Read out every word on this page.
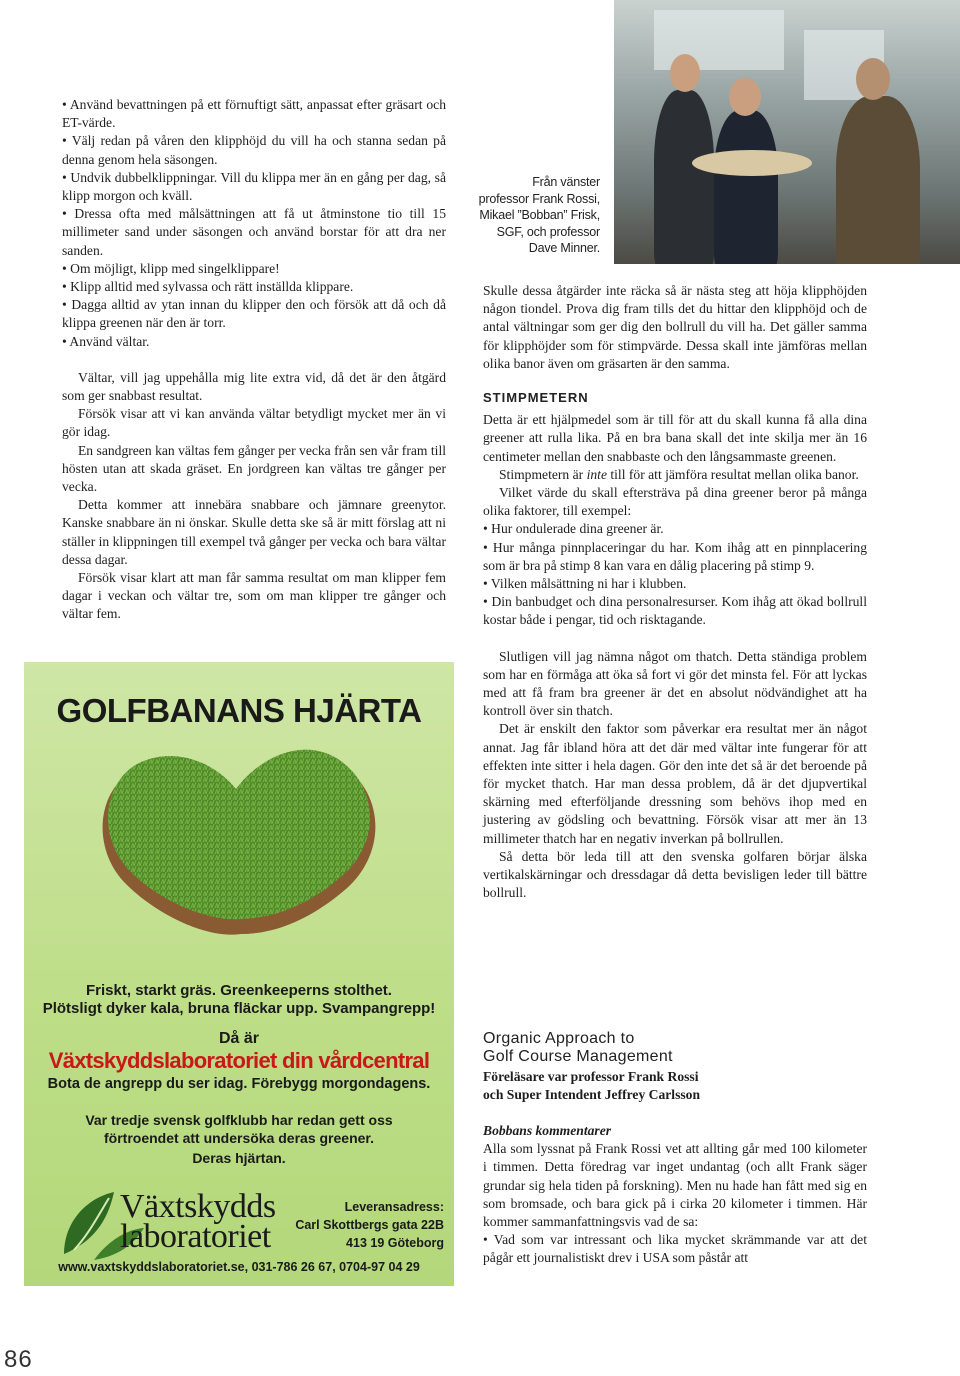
• Använd bevattningen på ett förnuftigt sätt, anpassat efter gräsart och ET-värde.

• Välj redan på våren den klipphöjd du vill ha och stanna sedan på denna genom hela säsongen.

• Undvik dubbelklippningar. Vill du klippa mer än en gång per dag, så klipp morgon och kväll.

• Dressa ofta med målsättningen att få ut åtminstone tio till 15 millimeter sand under säsongen och använd borstar för att dra ner sanden.

• Om möjligt, klipp med singelklippare!

• Klipp alltid med sylvassa och rätt inställda klippare.

• Dagga alltid av ytan innan du klipper den och försök att då och då klippa greenen när den är torr.

• Använd vältar.

Vältar, vill jag uppehålla mig lite extra vid, då det är den åtgärd som ger snabbast resultat.

Försök visar att vi kan använda vältar betydligt mycket mer än vi gör idag.

En sandgreen kan vältas fem gånger per vecka från sen vår fram till hösten utan att skada gräset. En jordgreen kan vältas tre gånger per vecka.

Detta kommer att innebära snabbare och jämnare greenytor. Kanske snabbare än ni önskar. Skulle detta ske så är mitt förslag att ni ställer in klippningen till exempel två gånger per vecka och bara vältar dessa dagar.

Försök visar klart att man får samma resultat om man klipper fem dagar i veckan och vältar tre, som om man klipper tre gånger och vältar fem.

Från vänster

professor Frank Rossi,

Mikael ”Bobban” Frisk,

SGF, och professor

Dave Minner.

Skulle dessa åtgärder inte räcka så är nästa steg att höja klipphöjden någon tiondel. Prova dig fram tills det du hittar den klipphöjd och de antal vältningar som ger dig den bollrull du vill ha. Det gäller samma för klipphöjder som för stimpvärde. Dessa skall inte jämföras mellan olika banor även om gräsarten är den samma.

STIMPMETERN

Detta är ett hjälpmedel som är till för att du skall kunna få alla dina greener att rulla lika. På en bra bana skall det inte skilja mer än 16 centimeter mellan den snabbaste och den långsammaste greenen.

Stimpmetern är inte till för att jämföra resultat mellan olika banor.

Vilket värde du skall eftersträva på dina greener beror på många olika faktorer, till exempel:

• Hur ondulerade dina greener är.

• Hur många pinnplaceringar du har. Kom ihåg att en pinnplacering som är bra på stimp 8 kan vara en dålig placering på stimp 9.

• Vilken målsättning ni har i klubben.

• Din banbudget och dina personalresurser. Kom ihåg att ökad bollrull kostar både i pengar, tid och risktagande.

Slutligen vill jag nämna något om thatch. Detta ständiga problem som har en förmåga att öka så fort vi gör det minsta fel. För att lyckas med att få fram bra greener är det en absolut nödvändighet att ha kontroll över sin thatch.

Det är enskilt den faktor som påverkar era resultat mer än något annat. Jag får ibland höra att det där med vältar inte fungerar för att effekten inte sitter i hela dagen. Gör den inte det så är det beroende på för mycket thatch. Har man dessa problem, då är det djupvertikal skärning med efterföljande dressning som behövs ihop med en justering av gödsling och bevattning. Försök visar att mer än 13 millimeter thatch har en negativ inverkan på bollrullen.

Så detta bör leda till att den svenska golfaren börjar älska vertikalskärningar och dressdagar då detta bevisligen leder till bättre bollrull.

Organic Approach to
Golf Course Management
Föreläsare var professor Frank Rossi
och Super Intendent Jeffrey Carlsson

Bobbans kommentarer

Alla som lyssnat på Frank Rossi vet att allting går med 100 kilometer i timmen. Detta föredrag var inget undantag (och allt Frank säger grundar sig hela tiden på forskning). Men nu hade han fått med sig en som bromsade, och bara gick på i cirka 20 kilometer i timmen. Här kommer sammanfattningsvis vad de sa:

• Vad som var intressant och lika mycket skrämmande var att det pågår ett journalistiskt drev i USA som påstår att

GOLFBANANS HJÄRTA
Friskt, starkt gräs. Greenkeeperns stolthet.
Plötsligt dyker kala, bruna fläckar upp. Svampangrepp!
Då är
Växtskyddslaboratoriet din vårdcentral
Bota de angrepp du ser idag. Förebygg morgondagens.
Var tredje svensk golfklubb har redan gett oss
förtroendet att undersöka deras greener.
Deras hjärtan.
Växtskydds
laboratoriet
Leveransadress:
Carl Skottbergs gata 22B
413 19 Göteborg
www.vaxtskyddslaboratoriet.se, 031-786 26 67, 0704-97 04 29
86
